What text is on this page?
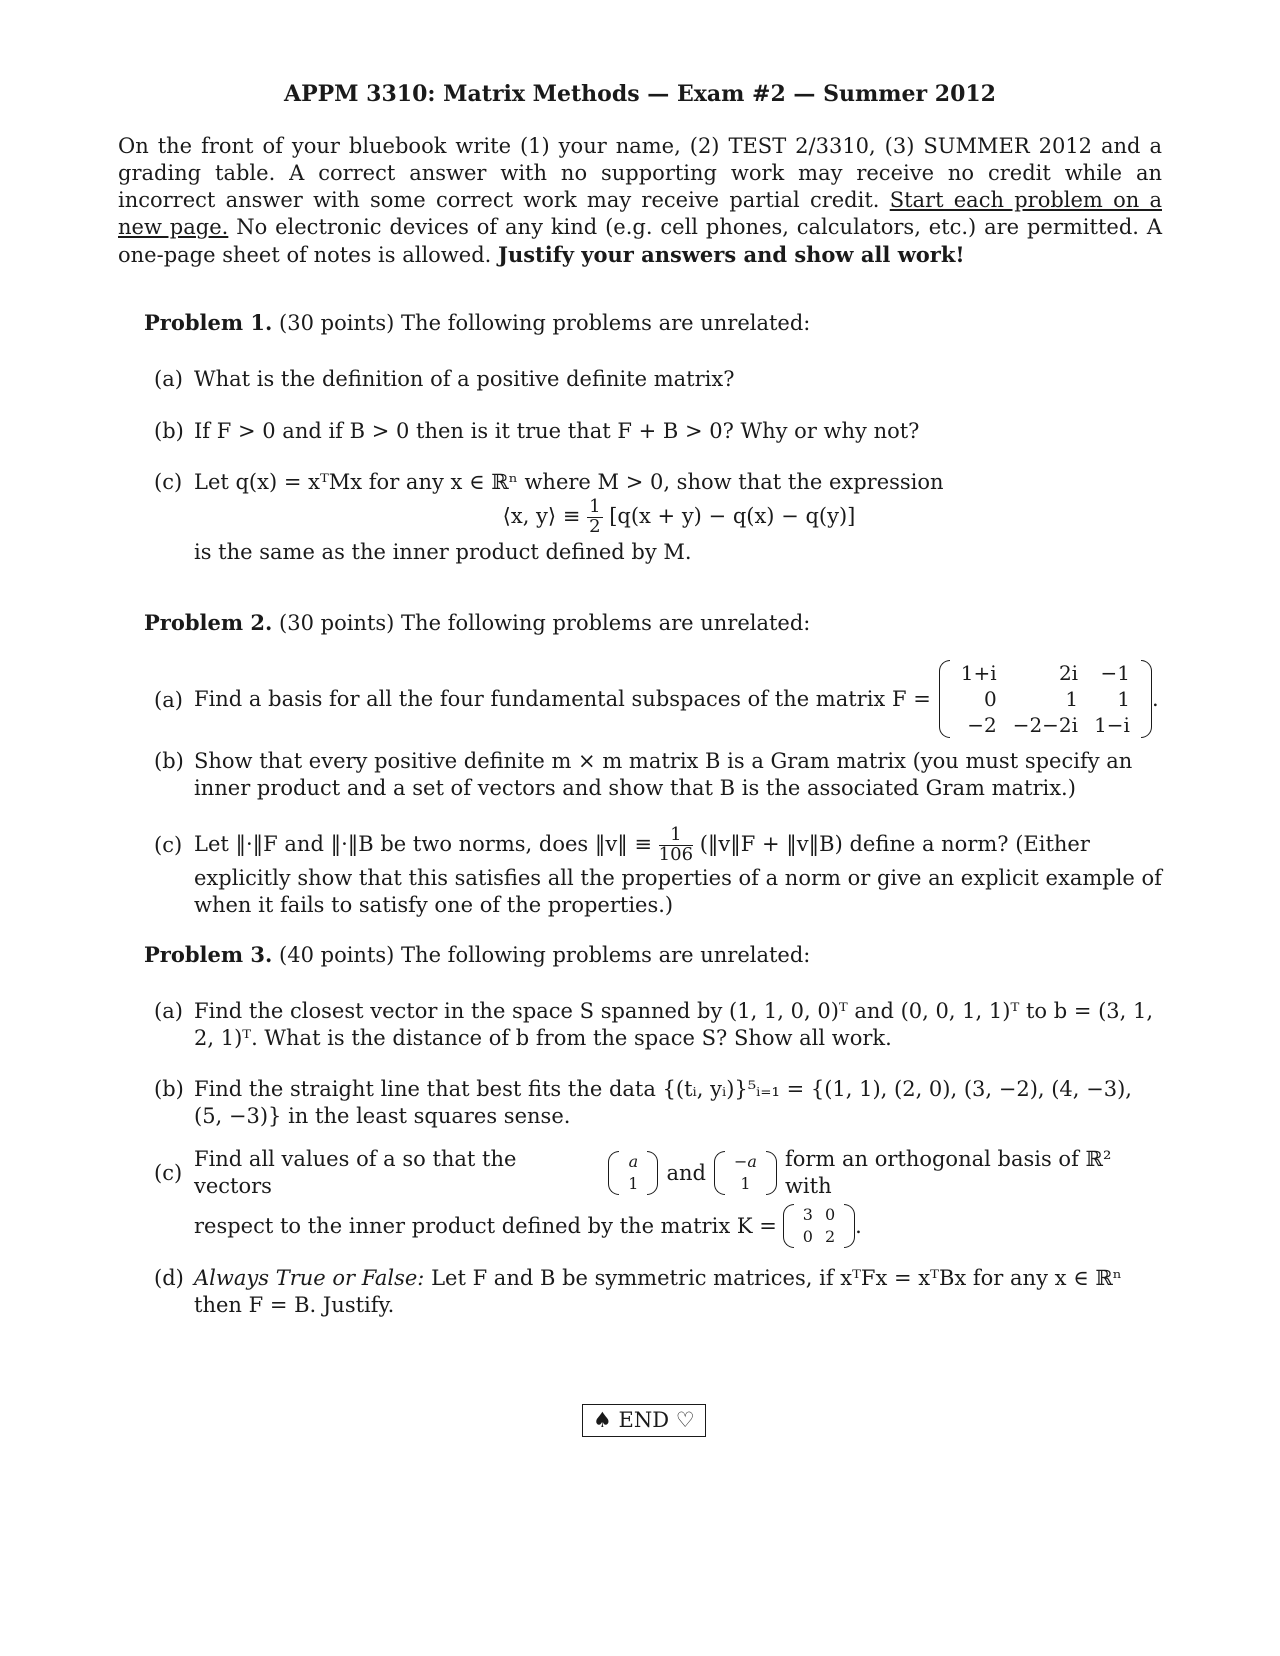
APPM 3310: Matrix Methods — Exam #2 — Summer 2012
On the front of your bluebook write (1) your name, (2) TEST 2/3310, (3) SUMMER 2012 and a grading table. A correct answer with no supporting work may receive no credit while an incorrect answer with some correct work may receive partial credit. Start each problem on a new page. No electronic devices of any kind (e.g. cell phones, calculators, etc.) are permitted. A one-page sheet of notes is allowed. Justify your answers and show all work!
Problem 1. (30 points) The following problems are unrelated:
(a) What is the definition of a positive definite matrix?
(b) If F > 0 and if B > 0 then is it true that F + B > 0? Why or why not?
(c) Let q(x) = xᵀMx for any x ∈ ℝⁿ where M > 0, show that the expression
⟨x, y⟩ ≡ $\frac{1}{2} [q(x + y) - q(x) - q(y)]$
is the same as the inner product defined by M.
Problem 2. (30 points) The following problems are unrelated:
(a) Find a basis for all the four fundamental subspaces of the matrix F =
1+i	2i	−1
0	1	1
−2	−2−2i	1−i
.
(b) Show that every positive definite m × m matrix B is a Gram matrix (you must specify an inner product and a set of vectors and show that B is the associated Gram matrix.)
(c) Let ‖·‖F and ‖·‖B be two norms, does ‖v‖ ≡ $\frac{1}{106}$ (‖v‖F + ‖v‖B) define a norm? (Either explicitly show that this satisfies all the properties of a norm or give an explicit example of when it fails to satisfy one of the properties.)
Problem 3. (40 points) The following problems are unrelated:
(a) Find the closest vector in the space S spanned by (1, 1, 0, 0)ᵀ and (0, 0, 1, 1)ᵀ to b = (3, 1, 2, 1)ᵀ. What is the distance of b from the space S? Show all work.
(b) Find the straight line that best fits the data {(tᵢ, yᵢ)}⁵ᵢ₌₁ = {(1, 1), (2, 0), (3, −2), (4, −3), (5, −3)} in the least squares sense.
(c)
Find all values of a so that the vectors
a
1 and −a
1
form an orthogonal basis of ℝ² with
respect to the inner product defined by the matrix K = 3	0
0	2 .
(d) Always True or False: Let F and B be symmetric matrices, if xᵀFx = xᵀBx for any x ∈ ℝⁿ then F = B. Justify.
♠ END ♡
